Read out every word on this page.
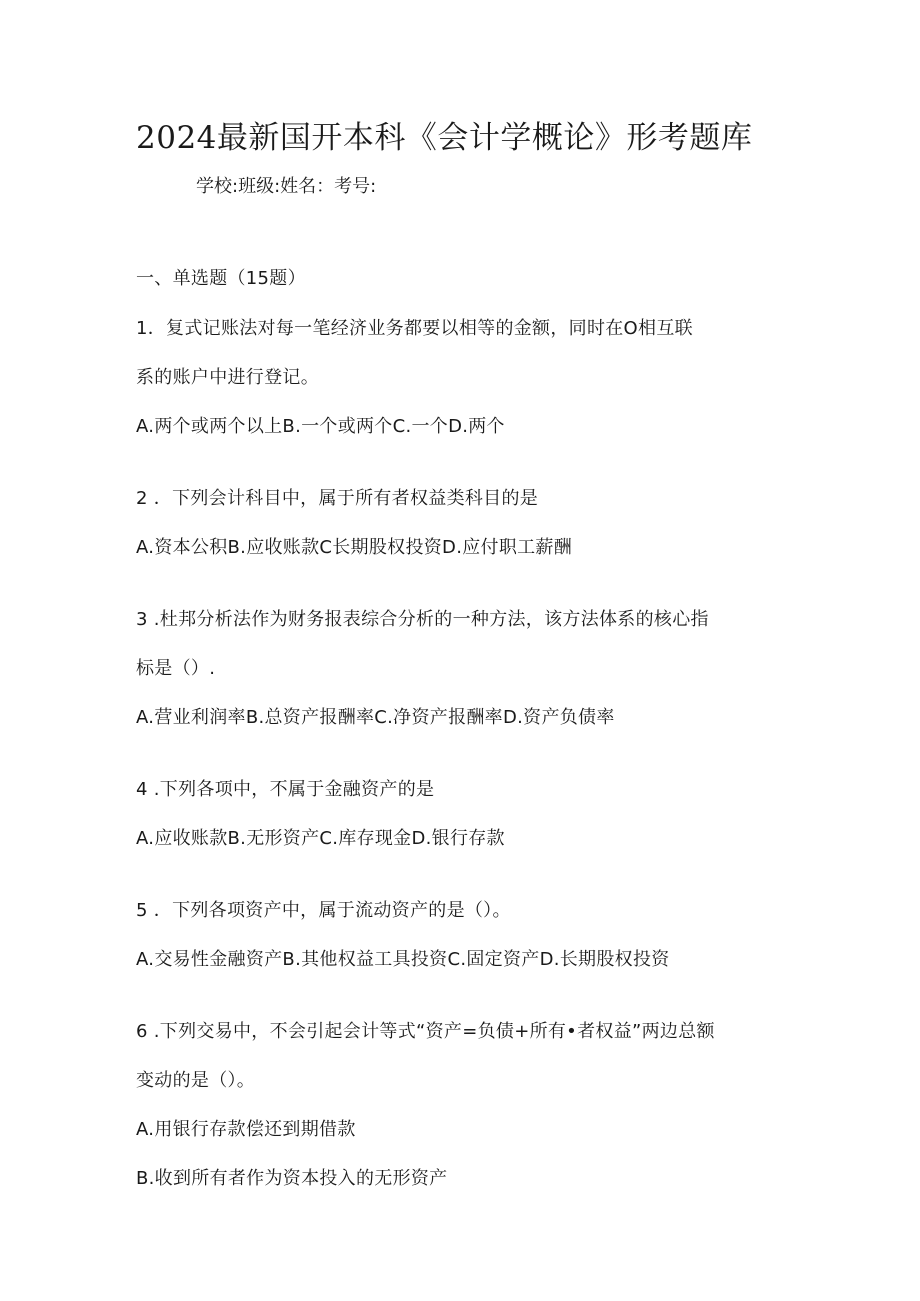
2024最新国开本科《会计学概论》形考题库
学校:班级:姓名：考号:
一、单选题（15题）
1．复式记账法对每一笔经济业务都要以相等的金额，同时在O相互联
系的账户中进行登记。
A.两个或两个以上B.一个或两个C.一个D.两个
2 ．下列会计科目中，属于所有者权益类科目的是
A.资本公积B.应收账款C长期股权投资D.应付职工薪酬
3 .杜邦分析法作为财务报表综合分析的一种方法，该方法体系的核心指
标是（）.
A.营业利润率B.总资产报酬率C.净资产报酬率D.资产负债率
4 .下列各项中，不属于金融资产的是
A.应收账款B.无形资产C.库存现金D.银行存款
5 ．下列各项资产中，属于流动资产的是（）。
A.交易性金融资产B.其他权益工具投资C.固定资产D.长期股权投资
6 .下列交易中，不会引起会计等式“资产=负债+所有•者权益”两边总额
变动的是（）。
A.用银行存款偿还到期借款
B.收到所有者作为资本投入的无形资产
